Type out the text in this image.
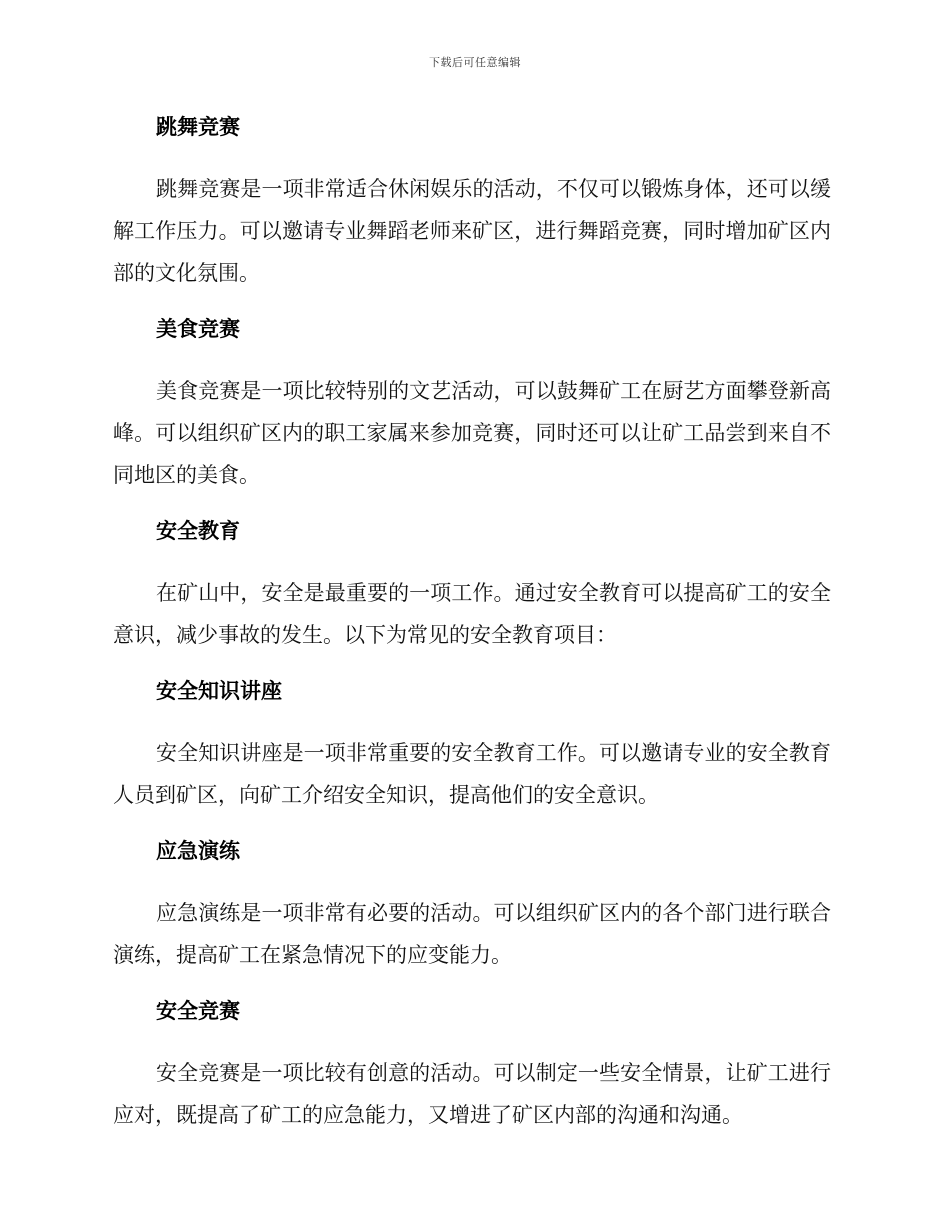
下载后可任意编辑
跳舞竞赛

跳舞竞赛是一项非常适合休闲娱乐的活动，不仅可以锻炼身体，还可以缓解工作压力。可以邀请专业舞蹈老师来矿区，进行舞蹈竞赛，同时增加矿区内部的文化氛围。

美食竞赛

美食竞赛是一项比较特别的文艺活动，可以鼓舞矿工在厨艺方面攀登新高峰。可以组织矿区内的职工家属来参加竞赛，同时还可以让矿工品尝到来自不同地区的美食。

安全教育

在矿山中，安全是最重要的一项工作。通过安全教育可以提高矿工的安全意识，减少事故的发生。以下为常见的安全教育项目：

安全知识讲座

安全知识讲座是一项非常重要的安全教育工作。可以邀请专业的安全教育人员到矿区，向矿工介绍安全知识，提高他们的安全意识。

应急演练

应急演练是一项非常有必要的活动。可以组织矿区内的各个部门进行联合演练，提高矿工在紧急情况下的应变能力。

安全竞赛

安全竞赛是一项比较有创意的活动。可以制定一些安全情景，让矿工进行应对，既提高了矿工的应急能力，又增进了矿区内部的沟通和沟通。
